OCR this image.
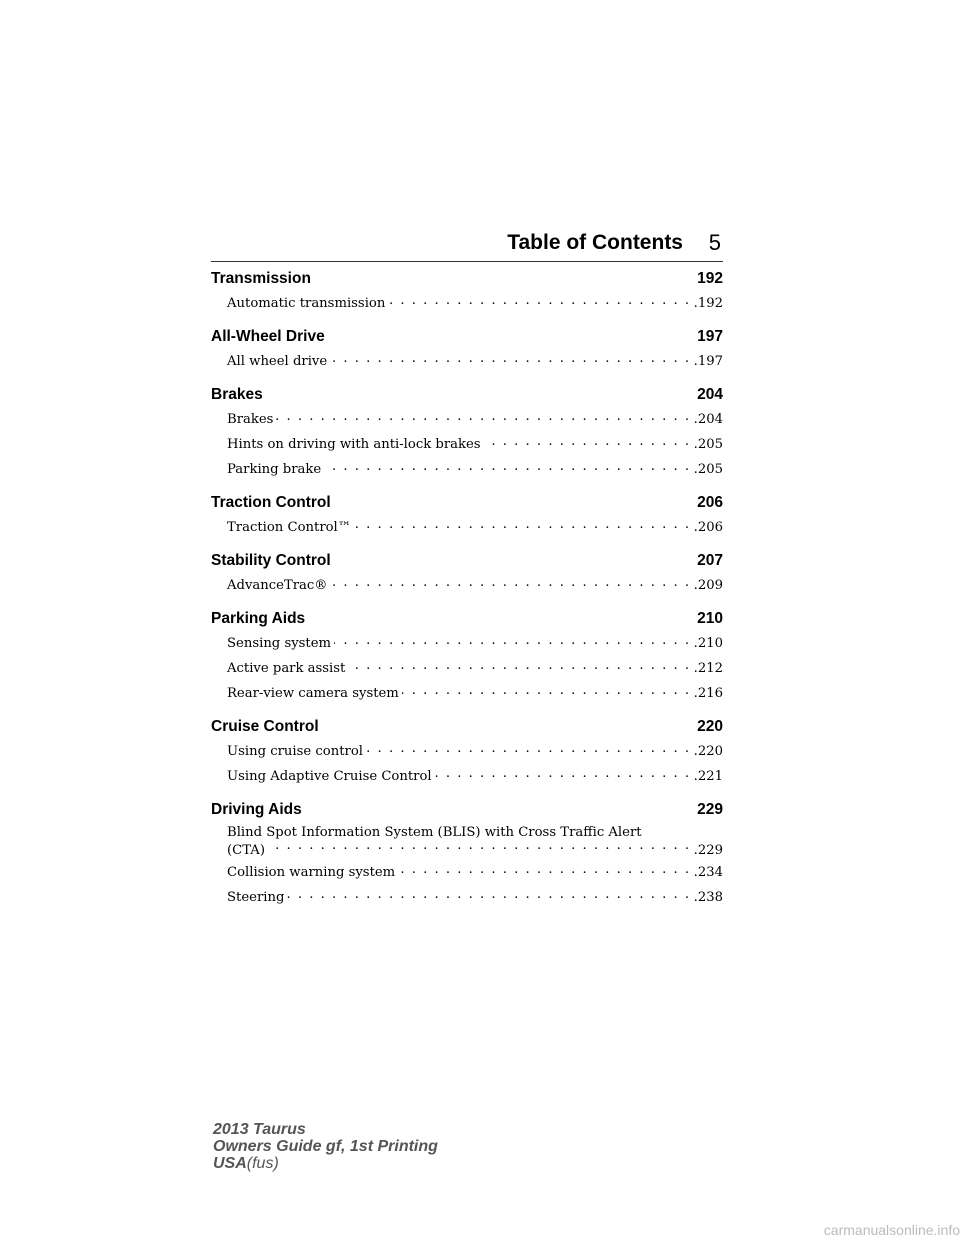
Table of Contents 5
Transmission	192
Automatic transmission . . .	.192
All-Wheel Drive	197
All wheel drive . . .	.197
Brakes	204
Brakes . . .	.204
Hints on driving with anti-lock brakes . . .	.205
Parking brake . . .	.205
Traction Control	206
Traction Control™ . . .	.206
Stability Control	207
AdvanceTrac® . . .	.209
Parking Aids	210
Sensing system . . .	.210
Active park assist . . .	.212
Rear-view camera system . . .	.216
Cruise Control	220
Using cruise control . . .	.220
Using Adaptive Cruise Control . . .	.221
Driving Aids	229
Blind Spot Information System (BLIS) with Cross Traffic Alert
(CTA) . . .	.229
Collision warning system . . .	.234
Steering . . .	.238
2013 Taurus
Owners Guide gf, 1st Printing
USA(fus)
carmanualsonline.info
